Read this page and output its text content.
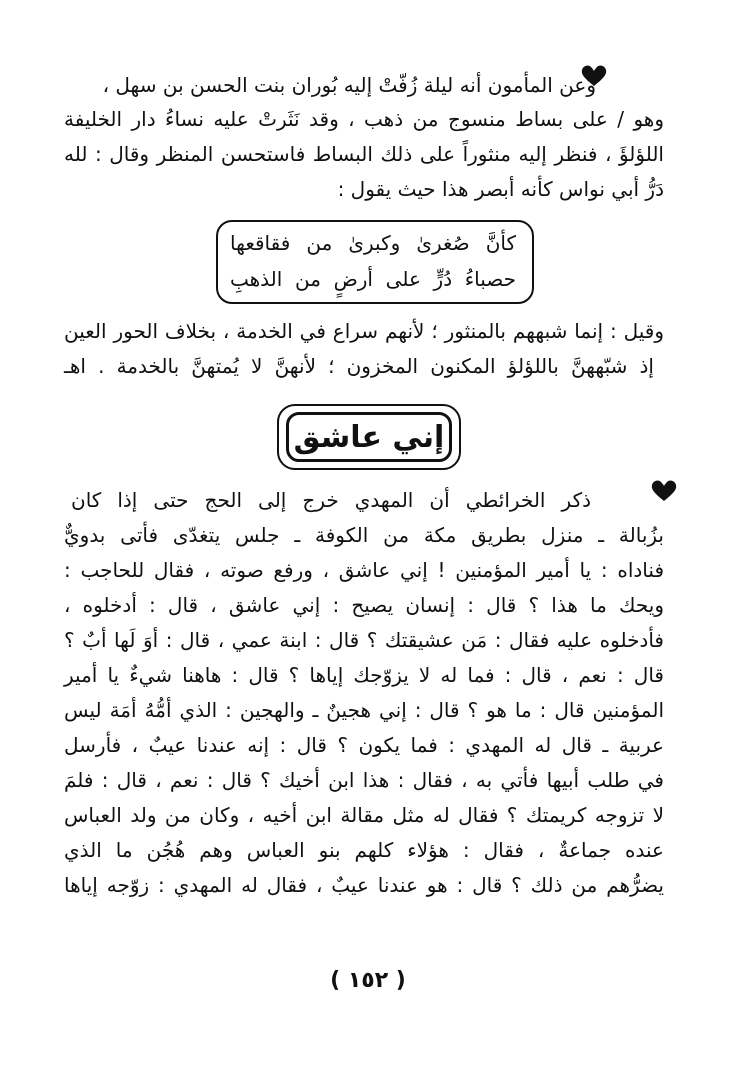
وعن المأمون أنه ليلة زُفّتْ إليه بُوران بنت الحسن بن سهل ،
وهو / على بساط منسوج من ذهب ، وقد نَثَرتْ عليه نساءُ دار الخليفة
اللؤلؤَ ، فنظر إليه منثوراً على ذلك البساط فاستحسن المنظر وقال : لله
دَرُّ أبي نواس كأنه أبصر هذا حيث يقول :
كأنَّ صُغرىٰ وكبرىٰ من فقاقعها
حصباءُ دُرٍّ على أرضٍ من الذهبِ
وقيل : إنما شبههم بالمنثور ؛ لأنهم سراع في الخدمة ، بخلاف الحور العين
إذ شبّههنَّ باللؤلؤ المكنون المخزون ؛ لأنهنَّ لا يُمتهنَّ بالخدمة . اهـ
إني عاشق
ذكر الخرائطي أن المهدي خرج إلى الحج حتى إذا كان
بزُبالة ـ منزل بطريق مكة من الكوفة ـ جلس يتغدّى فأتى بدويٌّ
فناداه : يا أمير المؤمنين ! إني عاشق ، ورفع صوته ، فقال للحاجب :
ويحك ما هذا ؟ قال : إنسان يصيح : إني عاشق ، قال : أدخلوه ،
فأدخلوه عليه فقال : مَن عشيقتك ؟ قال : ابنة عمي ، قال : أوَ لَها أبٌ ؟
قال : نعم ، قال : فما له لا يزوّجك إياها ؟ قال : هاهنا شيءٌ يا أمير
المؤمنين قال : ما هو ؟ قال : إني هجينٌ ـ والهجين : الذي أمُّهُ أمَة ليس
عربية ـ قال له المهدي : فما يكون ؟ قال : إنه عندنا عيبٌ ، فأرسل
في طلب أبيها فأتي به ، فقال : هذا ابن أخيك ؟ قال : نعم ، قال : فلمَ
لا تزوجه كريمتك ؟ فقال له مثل مقالة ابن أخيه ، وكان من ولد العباس
عنده جماعةٌ ، فقال : هؤلاء كلهم بنو العباس وهم هُجُن ما الذي
يضرُّهم من ذلك ؟ قال : هو عندنا عيبٌ ، فقال له المهدي : زوّجه إياها
( ١٥٢ )
